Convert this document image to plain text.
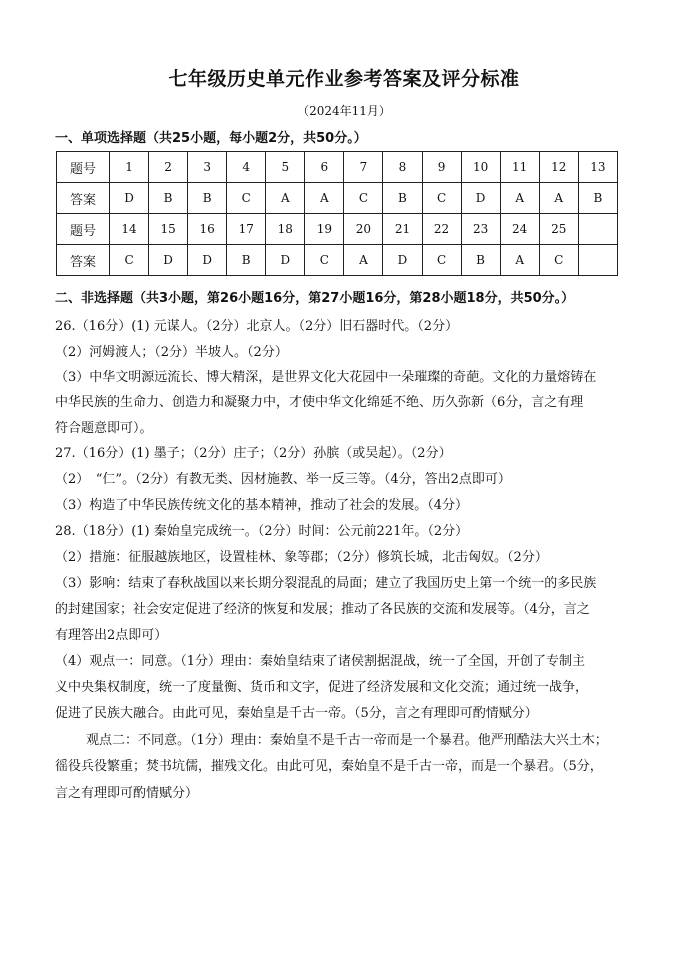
七年级历史单元作业参考答案及评分标准
（2024年11月）
一、单项选择题（共25小题，每小题2分，共50分。）
题号	1	2	3	4	5	6	7	8	9	10	11	12	13
答案	D	B	B	C	A	A	C	B	C	D	A	A	B
题号	14	15	16	17	18	19	20	21	22	23	24	25	
答案	C	D	D	B	D	C	A	D	C	B	A	C	
二、非选择题（共3小题，第26小题16分，第27小题16分，第28小题18分，共50分。）
26.（16分）(1) 元谋人。（2分）北京人。（2分）旧石器时代。（2分）
（2）河姆渡人；（2分）半坡人。（2分）
（3）中华文明源远流长、博大精深，是世界文化大花园中一朵璀璨的奇葩。文化的力量熔铸在
中华民族的生命力、创造力和凝聚力中，才使中华文化绵延不绝、历久弥新（6分，言之有理
符合题意即可）。
27.（16分）(1) 墨子；（2分）庄子；（2分）孙膑（或吴起）。（2分）
（2）　“仁”。（2分）有教无类、因材施教、举一反三等。（4分，答出2点即可）
（3）构造了中华民族传统文化的基本精神，推动了社会的发展。（4分）
28.（18分）(1) 秦始皇完成统一。（2分）时间：公元前221年。（2分）
（2）措施：征服越族地区，设置桂林、象等郡；（2分）修筑长城，北击匈奴。（2分）
（3）影响：结束了春秋战国以来长期分裂混乱的局面；建立了我国历史上第一个统一的多民族
的封建国家；社会安定促进了经济的恢复和发展；推动了各民族的交流和发展等。（4分，言之
有理答出2点即可）
（4）观点一：同意。（1分）理由：秦始皇结束了诸侯割据混战，统一了全国，开创了专制主
义中央集权制度，统一了度量衡、货币和文字，促进了经济发展和文化交流；通过统一战争，
促进了民族大融合。由此可见，秦始皇是千古一帝。（5分，言之有理即可酌情赋分）
观点二：不同意。（1分）理由：秦始皇不是千古一帝而是一个暴君。他严刑酷法大兴土木；
徭役兵役繁重；焚书坑儒，摧残文化。由此可见，秦始皇不是千古一帝，而是一个暴君。（5分，
言之有理即可酌情赋分）
